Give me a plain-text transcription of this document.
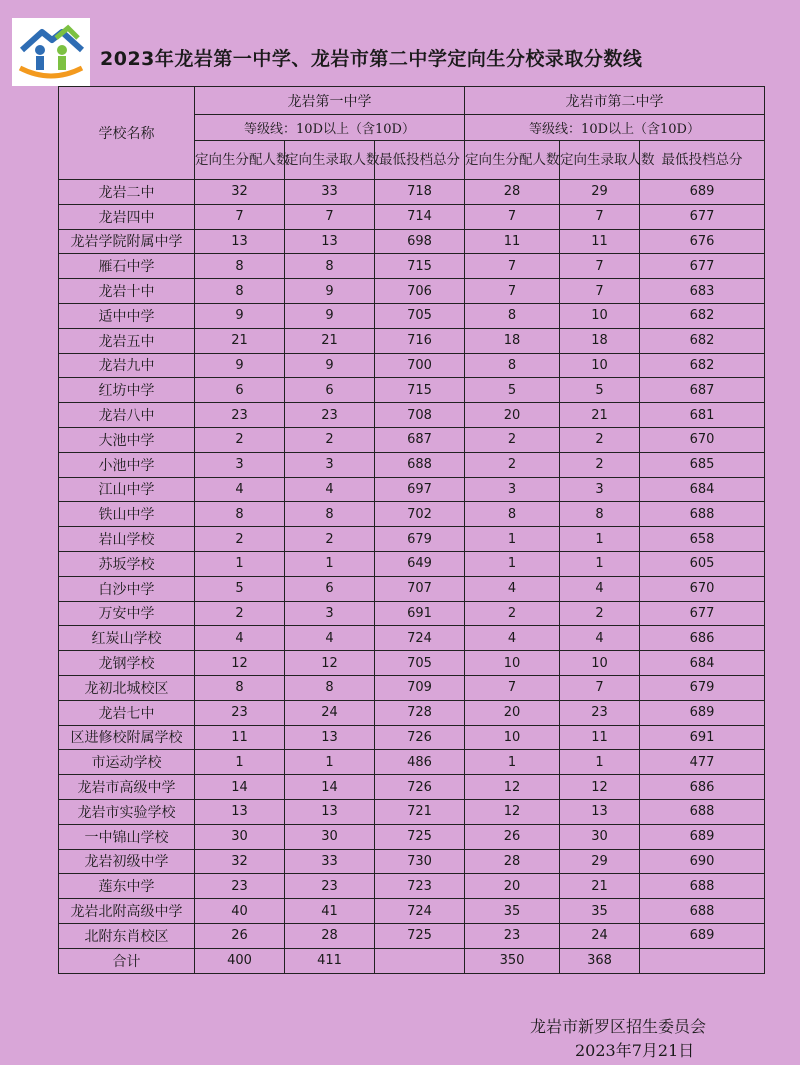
2023年龙岩第一中学、龙岩市第二中学定向生分校录取分数线
学校名称	龙岩第一中学			龙岩市第二中学		
	等级线：10D以上（含10D）			等级线：10D以上（含10D）		
	定向生分配人数	定向生录取人数	最低投档总分	定向生分配人数	定向生录取人数	最低投档总分
龙岩二中	32	33	718	28	29	689
龙岩四中	7	7	714	7	7	677
龙岩学院附属中学	13	13	698	11	11	676
雁石中学	8	8	715	7	7	677
龙岩十中	8	9	706	7	7	683
适中中学	9	9	705	8	10	682
龙岩五中	21	21	716	18	18	682
龙岩九中	9	9	700	8	10	682
红坊中学	6	6	715	5	5	687
龙岩八中	23	23	708	20	21	681
大池中学	2	2	687	2	2	670
小池中学	3	3	688	2	2	685
江山中学	4	4	697	3	3	684
铁山中学	8	8	702	8	8	688
岩山学校	2	2	679	1	1	658
苏坂学校	1	1	649	1	1	605
白沙中学	5	6	707	4	4	670
万安中学	2	3	691	2	2	677
红炭山学校	4	4	724	4	4	686
龙钢学校	12	12	705	10	10	684
龙初北城校区	8	8	709	7	7	679
龙岩七中	23	24	728	20	23	689
区进修校附属学校	11	13	726	10	11	691
市运动学校	1	1	486	1	1	477
龙岩市高级中学	14	14	726	12	12	686
龙岩市实验学校	13	13	721	12	13	688
一中锦山学校	30	30	725	26	30	689
龙岩初级中学	32	33	730	28	29	690
莲东中学	23	23	723	20	21	688
龙岩北附高级中学	40	41	724	35	35	688
北附东肖校区	26	28	725	23	24	689
合计	400	411		350	368	
龙岩市新罗区招生委员会
2023年7月21日
